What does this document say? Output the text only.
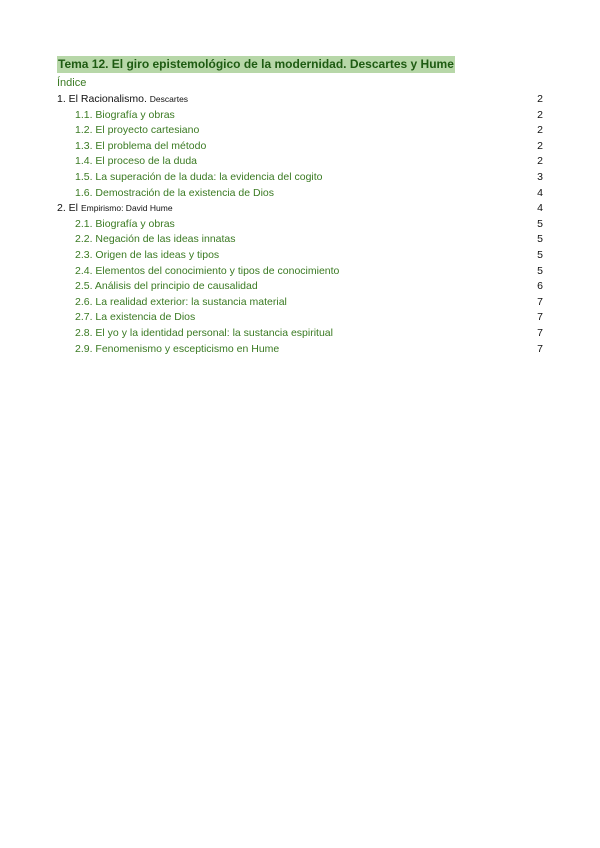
Tema 12. El giro epistemológico de la modernidad. Descartes y Hume
Índice
1. El Racionalismo. Descartes	2
1.1. Biografía y obras	2
1.2. El proyecto cartesiano	2
1.3. El problema del método	2
1.4. El proceso de la duda	2
1.5. La superación de la duda: la evidencia del cogito	3
1.6. Demostración de la existencia de Dios	4
2. El Empirismo: David Hume	4
2.1. Biografía y obras	5
2.2. Negación de las ideas innatas	5
2.3. Origen de las ideas y tipos	5
2.4. Elementos del conocimiento y tipos de conocimiento	5
2.5. Análisis del principio de causalidad	6
2.6. La realidad exterior: la sustancia material	7
2.7. La existencia de Dios	7
2.8. El yo y la identidad personal: la sustancia espiritual	7
2.9. Fenomenismo y escepticismo en Hume	7
